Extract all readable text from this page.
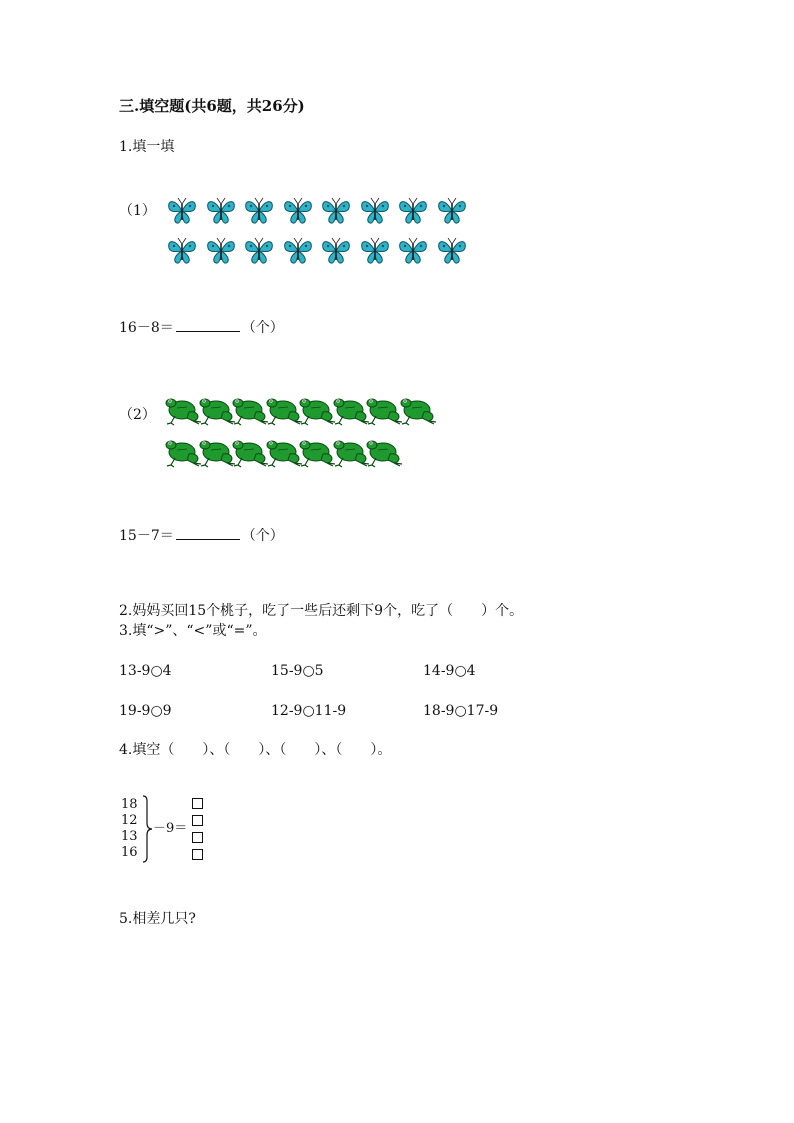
三.填空题(共6题，共26分)
1.填一填
（1）
16－8＝	（个）
（2）
15－7＝	（个）
2.妈妈买回15个桃子，吃了一些后还剩下9个，吃了（　　）个。
3.填“>”、“<”或“=”。
13-9○4	15-9○5	14-9○4
19-9○9	12-9○11-9	18-9○17-9
4.填空（　　）、（　　）、（　　）、（　　）。
18
12
13
16
－9＝
5.相差几只?
